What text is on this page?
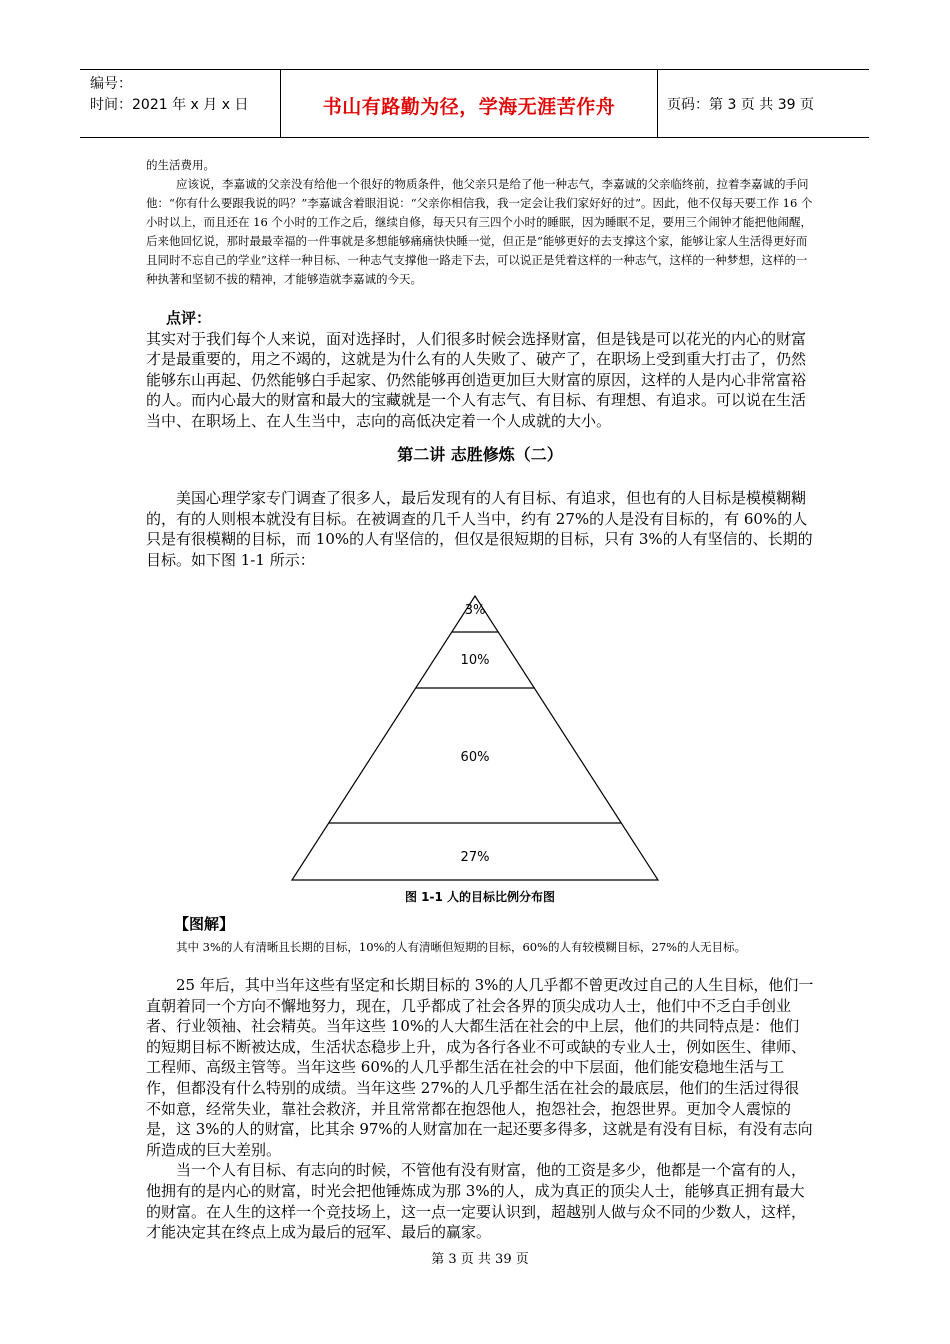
编号：
时间：2021 年 x 月 x 日	书山有路勤为径，学海无涯苦作舟	页码：第 3 页 共 39 页

的生活费用。

应该说，李嘉诚的父亲没有给他一个很好的物质条件，他父亲只是给了他一种志气，李嘉诚的父亲临终前，拉着李嘉诚的手问他：“你有什么要跟我说的吗？”李嘉诚含着眼泪说：“父亲你相信我，我一定会让我们家好好的过”。因此，他不仅每天要工作 16 个小时以上，而且还在 16 个小时的工作之后，继续自修，每天只有三四个小时的睡眠，因为睡眠不足，要用三个闹钟才能把他闹醒，后来他回忆说，那时最最幸福的一件事就是多想能够痛痛快快睡一觉，但正是“能够更好的去支撑这个家，能够让家人生活得更好而且同时不忘自己的学业”这样一种目标、一种志气支撑他一路走下去，可以说正是凭着这样的一种志气，这样的一种梦想，这样的一种执著和坚韧不拔的精神，才能够造就李嘉诚的今天。

点评：

其实对于我们每个人来说，面对选择时，人们很多时候会选择财富，但是钱是可以花光的内心的财富才是最重要的，用之不竭的，这就是为什么有的人失败了、破产了，在职场上受到重大打击了，仍然能够东山再起、仍然能够白手起家、仍然能够再创造更加巨大财富的原因，这样的人是内心非常富裕的人。而内心最大的财富和最大的宝藏就是一个人有志气、有目标、有理想、有追求。可以说在生活当中、在职场上、在人生当中，志向的高低决定着一个人成就的大小。

第二讲 志胜修炼（二）

美国心理学家专门调查了很多人，最后发现有的人有目标、有追求，但也有的人目标是模模糊糊的，有的人则根本就没有目标。在被调查的几千人当中，约有 27%的人是没有目标的，有 60%的人只是有很模糊的目标，而 10%的人有坚信的，但仅是很短期的目标，只有 3%的人有坚信的、长期的目标。如下图 1-1 所示：

3%
10%
60%
27%
图 1-1 人的目标比例分布图

【图解】

其中 3%的人有清晰且长期的目标，10%的人有清晰但短期的目标，60%的人有较模糊目标，27%的人无目标。

25 年后，其中当年这些有坚定和长期目标的 3%的人几乎都不曾更改过自己的人生目标，他们一直朝着同一个方向不懈地努力，现在，几乎都成了社会各界的顶尖成功人士，他们中不乏白手创业者、行业领袖、社会精英。当年这些 10%的人大都生活在社会的中上层，他们的共同特点是：他们的短期目标不断被达成，生活状态稳步上升，成为各行各业不可或缺的专业人士，例如医生、律师、工程师、高级主管等。当年这些 60%的人几乎都生活在社会的中下层面，他们能安稳地生活与工作，但都没有什么特别的成绩。当年这些 27%的人几乎都生活在社会的最底层，他们的生活过得很不如意，经常失业，靠社会救济，并且常常都在抱怨他人，抱怨社会，抱怨世界。更加令人震惊的是，这 3%的人的财富，比其余 97%的人财富加在一起还要多得多，这就是有没有目标，有没有志向所造成的巨大差别。

当一个人有目标、有志向的时候，不管他有没有财富，他的工资是多少，他都是一个富有的人，他拥有的是内心的财富，时光会把他锤炼成为那 3%的人，成为真正的顶尖人士，能够真正拥有最大的财富。在人生的这样一个竞技场上，这一点一定要认识到，超越别人做与众不同的少数人，这样，才能决定其在终点上成为最后的冠军、最后的赢家。

第 3 页 共 39 页
